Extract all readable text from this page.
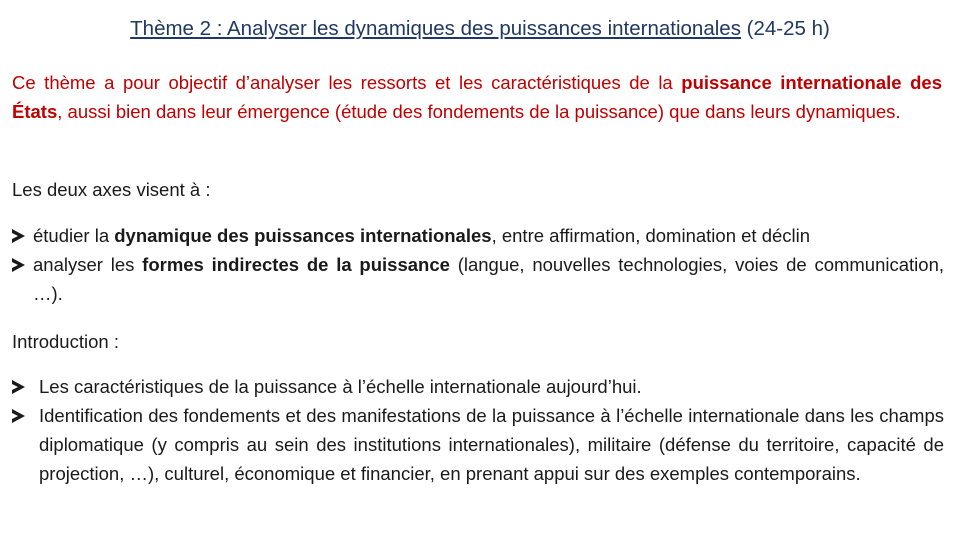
Thème 2 : Analyser les dynamiques des puissances internationales (24-25 h)
Ce thème a pour objectif d’analyser les ressorts et les caractéristiques de la puissance internationale des États, aussi bien dans leur émergence (étude des fondements de la puissance) que dans leurs dynamiques.
Les deux axes visent à :
étudier la dynamique des puissances internationales, entre affirmation, domination et déclin
analyser les formes indirectes de la puissance (langue, nouvelles technologies, voies de communication, …).
Introduction :
Les caractéristiques de la puissance à l’échelle internationale aujourd’hui.
Identification des fondements et des manifestations de la puissance à l’échelle internationale dans les champs diplomatique (y compris au sein des institutions internationales), militaire (défense du territoire, capacité de projection, …), culturel, économique et financier, en prenant appui sur des exemples contemporains.
